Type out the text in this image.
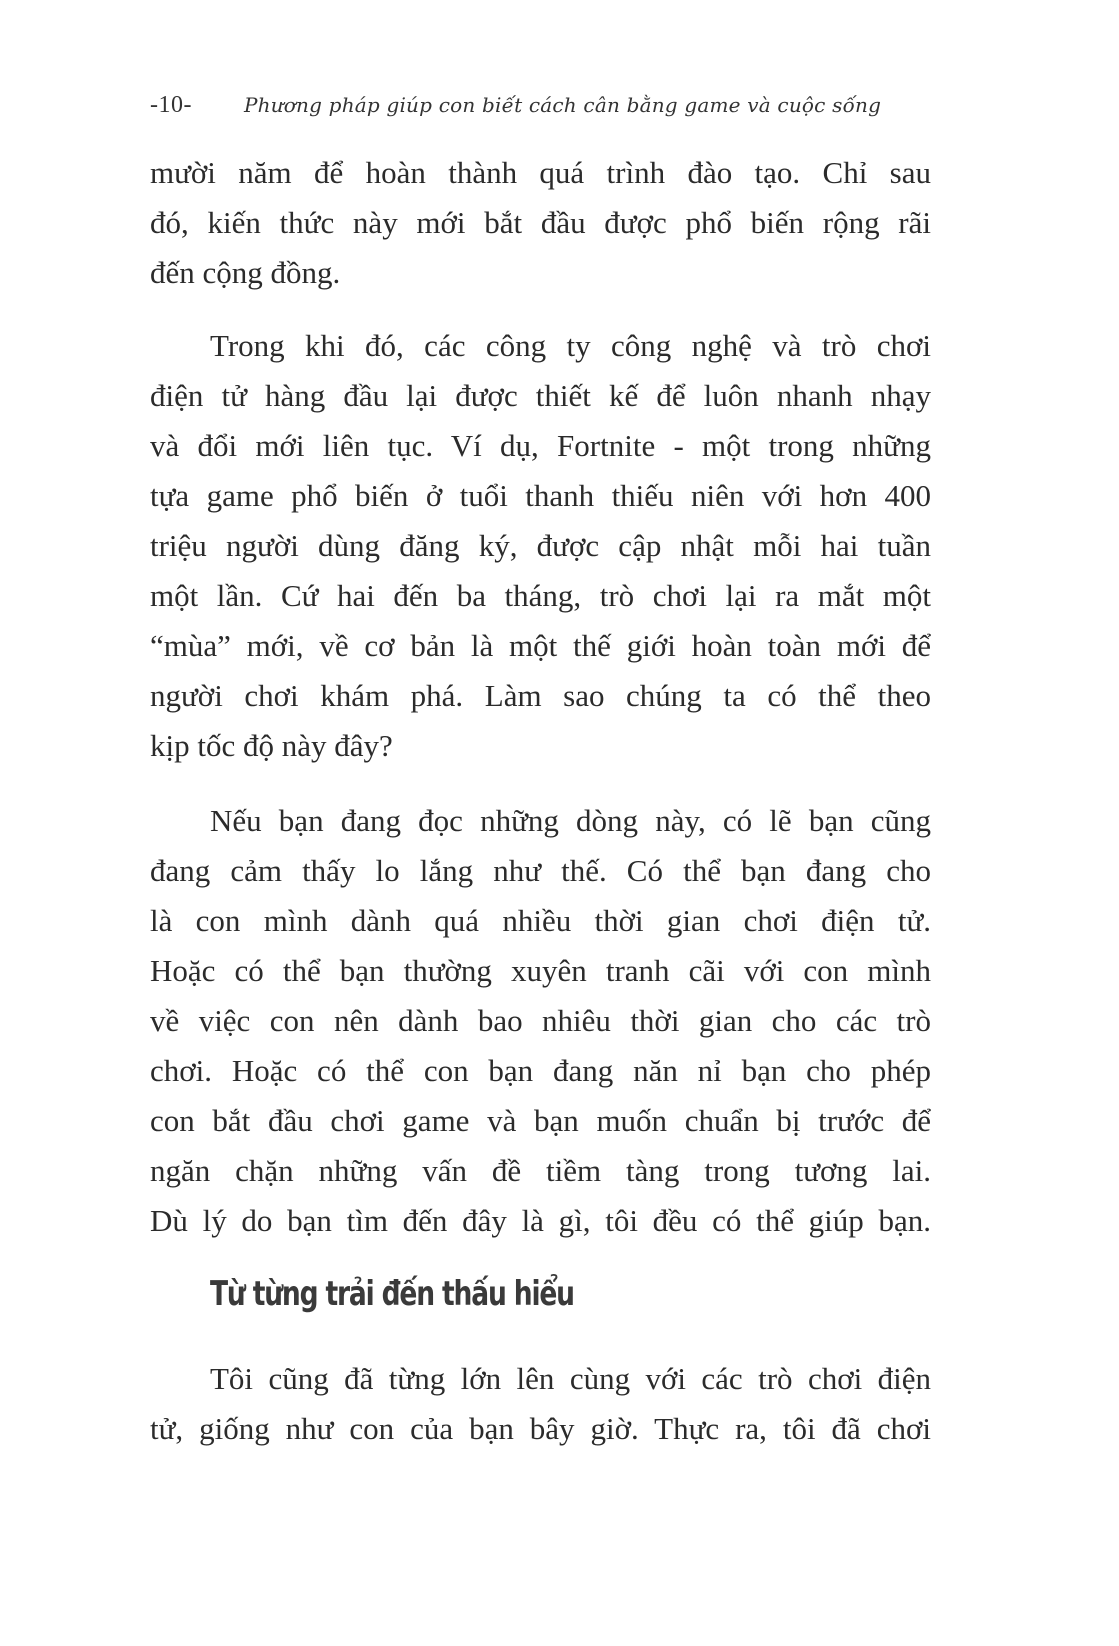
-10-	Phương pháp giúp con biết cách cân bằng game và cuộc sống
mười năm để hoàn thành quá trình đào tạo. Chỉ sau
đó, kiến thức này mới bắt đầu được phổ biến rộng rãi
đến cộng đồng.
Trong khi đó, các công ty công nghệ và trò chơi
điện tử hàng đầu lại được thiết kế để luôn nhanh nhạy
và đổi mới liên tục. Ví dụ, Fortnite - một trong những
tựa game phổ biến ở tuổi thanh thiếu niên với hơn 400
triệu người dùng đăng ký, được cập nhật mỗi hai tuần
một lần. Cứ hai đến ba tháng, trò chơi lại ra mắt một
“mùa” mới, về cơ bản là một thế giới hoàn toàn mới để
người chơi khám phá. Làm sao chúng ta có thể theo
kịp tốc độ này đây?
Nếu bạn đang đọc những dòng này, có lẽ bạn cũng
đang cảm thấy lo lắng như thế. Có thể bạn đang cho
là con mình dành quá nhiều thời gian chơi điện tử.
Hoặc có thể bạn thường xuyên tranh cãi với con mình
về việc con nên dành bao nhiêu thời gian cho các trò
chơi. Hoặc có thể con bạn đang năn nỉ bạn cho phép
con bắt đầu chơi game và bạn muốn chuẩn bị trước để
ngăn chặn những vấn đề tiềm tàng trong tương lai.
Dù lý do bạn tìm đến đây là gì, tôi đều có thể giúp bạn.
Từ từng trải đến thấu hiểu
Tôi cũng đã từng lớn lên cùng với các trò chơi điện
tử, giống như con của bạn bây giờ. Thực ra, tôi đã chơi
